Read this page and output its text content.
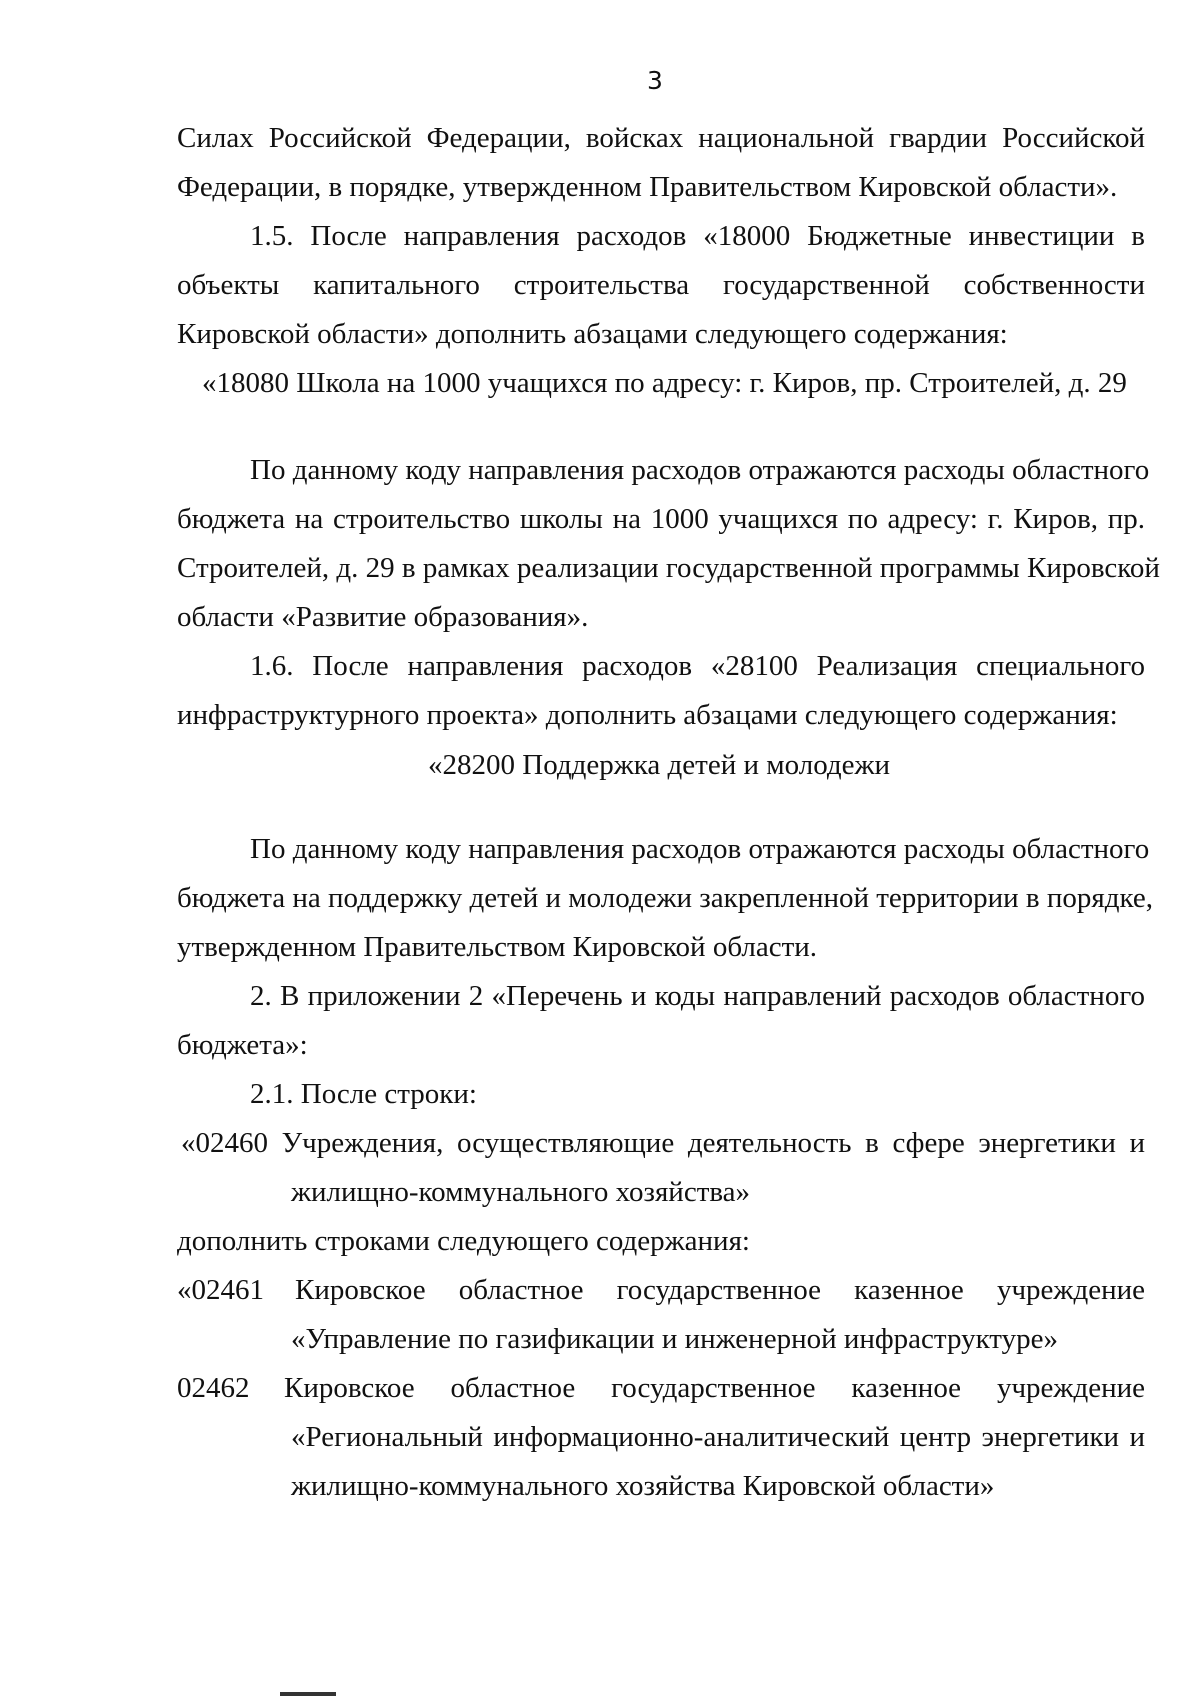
3
Силах Российской Федерации, войсках национальной гвардии Российской
Федерации, в порядке, утвержденном Правительством Кировской области».
1.5. После направления расходов «18000 Бюджетные инвестиции в
объекты капитального строительства государственной собственности
Кировской области» дополнить абзацами следующего содержания:
«18080 Школа на 1000 учащихся по адресу: г. Киров, пр. Строителей, д. 29
По данному коду направления расходов отражаются расходы областного
бюджета на строительство школы на 1000 учащихся по адресу: г. Киров, пр.
Строителей, д. 29 в рамках реализации государственной программы Кировской
области «Развитие образования».
1.6. После направления расходов «28100 Реализация специального
инфраструктурного проекта» дополнить абзацами следующего содержания:
«28200 Поддержка детей и молодежи
По данному коду направления расходов отражаются расходы областного
бюджета на поддержку детей и молодежи закрепленной территории в порядке,
утвержденном Правительством Кировской области.
2. В приложении 2 «Перечень и коды направлений расходов областного
бюджета»:
2.1. После строки:
«02460 Учреждения, осуществляющие деятельность в сфере энергетики и
жилищно-коммунального хозяйства»
дополнить строками следующего содержания:
«02461 Кировское областное государственное казенное учреждение
«Управление по газификации и инженерной инфраструктуре»
02462 Кировское областное государственное казенное учреждение
«Региональный информационно-аналитический центр энергетики и
жилищно-коммунального хозяйства Кировской области»
